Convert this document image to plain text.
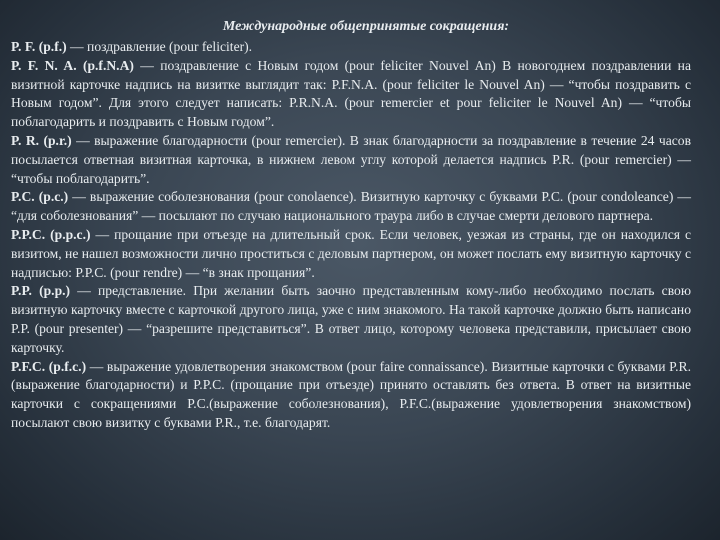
Международные общепринятые сокращения:

P. F. (p.f.) — поздравление (pour feliciter).

P. F. N. A. (p.f.N.A) — поздравление с Новым годом (pour feliciter Nouvel An) В новогоднем поздравлении на визитной карточке надпись на визитке выглядит так: P.F.N.A. (pour feliciter le Nouvel An) — “чтобы поздравить с Новым годом”. Для этого следует написать: P.R.N.A. (pour remercier et pour feliciter le Nouvel An) — “чтобы поблагодарить и поздравить с Новым годом”.

P. R. (p.r.) — выражение благодарности (pour remercier). В знак благодарности за поздравление в течение 24 часов посылается ответная визитная карточка, в нижнем левом углу которой делается надпись P.R. (pour remercier) — “чтобы поблагодарить”.

P.C. (p.c.) — выражение соболезнования (pour conolaence). Визитную карточку с буквами P.C. (pour condoleance) — “для соболезнования” — посылают по случаю национального траура либо в случае смерти делового партнера.

P.P.C. (p.p.c.) — прощание при отъезде на длительный срок. Если человек, уезжая из страны, где он находился с визитом, не нашел возможности лично проститься с деловым партнером, он может послать ему визитную карточку с надписью: P.P.C. (pour rendre) — “в знак прощания”.

P.P. (p.p.) — представление. При желании быть заочно представленным кому-либо необходимо послать свою визитную карточку вместе с карточкой другого лица, уже с ним знакомого. На такой карточке должно быть написано P.P. (pour presenter) — “разрешите представиться”. В ответ лицо, которому человека представили, присылает свою карточку.

P.F.C. (p.f.c.) — выражение удовлетворения знакомством (pour faire connaissance). Визитные карточки с буквами P.R. (выражение благодарности) и P.P.C. (прощание при отъезде) принято оставлять без ответа. В ответ на визитные карточки с сокращениями P.C.(выражение соболезнования), P.F.C.(выражение удовлетворения знакомством) посылают свою визитку с буквами P.R., т.е. благодарят.
